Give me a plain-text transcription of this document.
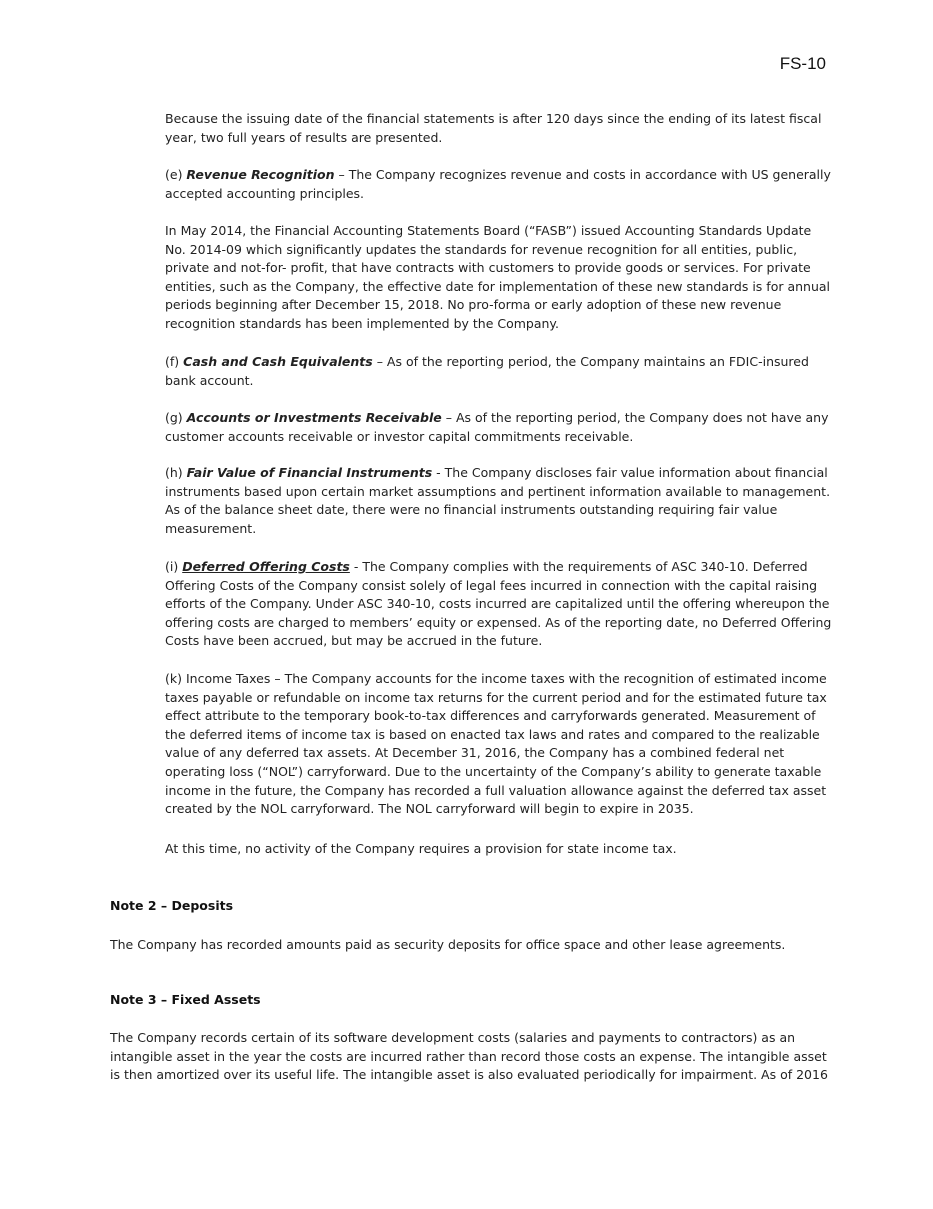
FS-10

Because the issuing date of the financial statements is after 120 days since the ending of its latest fiscal year, two full years of results are presented.

(e) Revenue Recognition – The Company recognizes revenue and costs in accordance with US generally accepted accounting principles.

In May 2014, the Financial Accounting Statements Board (“FASB”) issued Accounting Standards Update No. 2014-09 which significantly updates the standards for revenue recognition for all entities, public, private and not-for- profit, that have contracts with customers to provide goods or services. For private entities, such as the Company, the effective date for implementation of these new standards is for annual periods beginning after December 15, 2018. No pro-forma or early adoption of these new revenue recognition standards has been implemented by the Company.

(f) Cash and Cash Equivalents – As of the reporting period, the Company maintains an FDIC-insured bank account.

(g) Accounts or Investments Receivable – As of the reporting period, the Company does not have any customer accounts receivable or investor capital commitments receivable.

(h) Fair Value of Financial Instruments - The Company discloses fair value information about financial instruments based upon certain market assumptions and pertinent information available to management. As of the balance sheet date, there were no financial instruments outstanding requiring fair value measurement.

(i) Deferred Offering Costs - The Company complies with the requirements of ASC 340-10. Deferred Offering Costs of the Company consist solely of legal fees incurred in connection with the capital raising efforts of the Company. Under ASC 340-10, costs incurred are capitalized until the offering whereupon the offering costs are charged to members’ equity or expensed. As of the reporting date, no Deferred Offering Costs have been accrued, but may be accrued in the future.

(k) Income Taxes – The Company accounts for the income taxes with the recognition of estimated income taxes payable or refundable on income tax returns for the current period and for the estimated future tax effect attribute to the temporary book-to-tax differences and carryforwards generated. Measurement of the deferred items of income tax is based on enacted tax laws and rates and compared to the realizable value of any deferred tax assets. At December 31, 2016, the Company has a combined federal net operating loss (“NOL”) carryforward. Due to the uncertainty of the Company’s ability to generate taxable income in the future, the Company has recorded a full valuation allowance against the deferred tax asset created by the NOL carryforward. The NOL carryforward will begin to expire in 2035.

At this time, no activity of the Company requires a provision for state income tax.

Note 2 – Deposits

The Company has recorded amounts paid as security deposits for office space and other lease agreements.

Note 3 – Fixed Assets

The Company records certain of its software development costs (salaries and payments to contractors) as an intangible asset in the year the costs are incurred rather than record those costs an expense. The intangible asset is then amortized over its useful life. The intangible asset is also evaluated periodically for impairment. As of 2016
